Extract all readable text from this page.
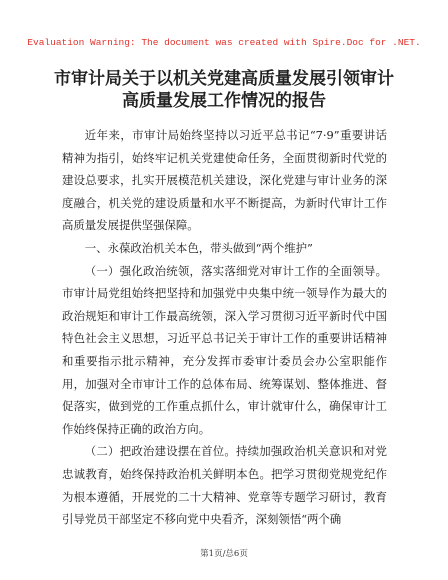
Evaluation Warning: The document was created with Spire.Doc for .NET.
市审计局关于以机关党建高质量发展引领审计
高质量发展工作情况的报告

近年来，市审计局始终坚持以习近平总书记“7·9”重要讲话精神为指引，始终牢记机关党建使命任务，全面贯彻新时代党的建设总要求，扎实开展模范机关建设，深化党建与审计业务的深度融合，机关党的建设质量和水平不断提高，为新时代审计工作高质量发展提供坚强保障。

一、永葆政治机关本色，带头做到“两个维护”

（一）强化政治统领，落实落细党对审计工作的全面领导。市审计局党组始终把坚持和加强党中央集中统一领导作为最大的政治规矩和审计工作最高统领，深入学习贯彻习近平新时代中国特色社会主义思想，习近平总书记关于审计工作的重要讲话精神和重要指示批示精神，充分发挥市委审计委员会办公室职能作用，加强对全市审计工作的总体布局、统筹谋划、整体推进、督促落实，做到党的工作重点抓什么，审计就审什么，确保审计工作始终保持正确的政治方向。

（二）把政治建设摆在首位。持续加强政治机关意识和对党忠诚教育，始终保持政治机关鲜明本色。把学习贯彻党规党纪作为根本遵循，开展党的二十大精神、党章等专题学习研讨，教育引导党员干部坚定不移向党中央看齐，深刻领悟“两个确

第1页/总6页
